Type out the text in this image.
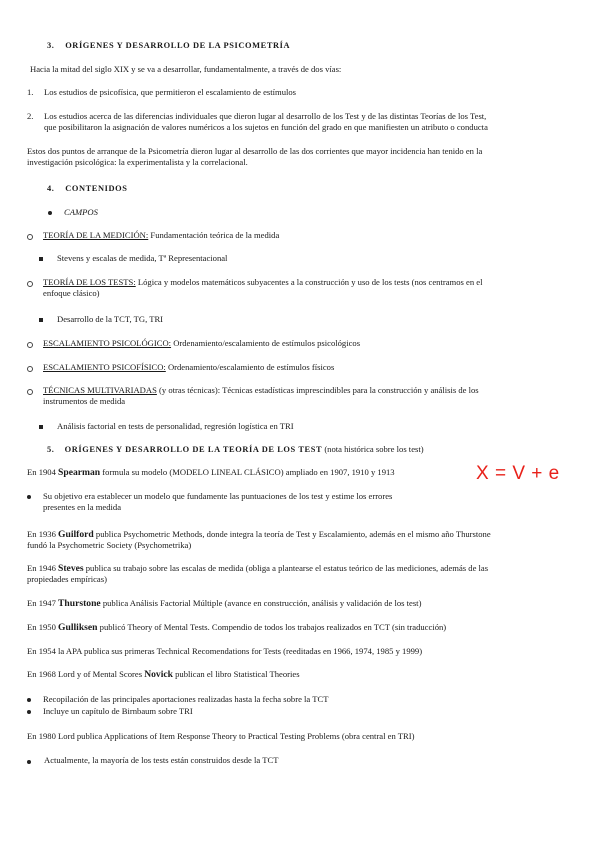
3. ORÍGENES Y DESARROLLO DE LA PSICOMETRÍA
Hacia la mitad del siglo XIX y se va a desarrollar, fundamentalmente, a través de dos vías:
1. Los estudios de psicofísica, que permitieron el escalamiento de estímulos
2. Los estudios acerca de las diferencias individuales que dieron lugar al desarrollo de los Test y de las distintas Teorías de los Test,
que posibilitaron la asignación de valores numéricos a los sujetos en función del grado en que manifiesten un atributo o conducta
Estos dos puntos de arranque de la Psicometría dieron lugar al desarrollo de las dos corrientes que mayor incidencia han tenido en la
investigación psicológica: la experimentalista y la correlacional.
4. CONTENIDOS
CAMPOS
TEORÍA DE LA MEDICIÓN: Fundamentación teórica de la medida
Stevens y escalas de medida, Tª Representacional
TEORÍA DE LOS TESTS: Lógica y modelos matemáticos subyacentes a la construcción y uso de los tests (nos centramos en el
enfoque clásico)
Desarrollo de la TCT, TG, TRI
ESCALAMIENTO PSICOLÓGICO: Ordenamiento/escalamiento de estímulos psicológicos
ESCALAMIENTO PSICOFÍSICO: Ordenamiento/escalamiento de estímulos físicos
TÉCNICAS MULTIVARIADAS (y otras técnicas): Técnicas estadísticas imprescindibles para la construcción y análisis de los
instrumentos de medida
Análisis factorial en tests de personalidad, regresión logística en TRI
5. ORÍGENES Y DESARROLLO DE LA TEORÍA DE LOS TEST (nota histórica sobre los test)
X = V + e
En 1904 Spearman formula su modelo (MODELO LINEAL CLÁSICO) ampliado en 1907, 1910 y 1913
Su objetivo era establecer un modelo que fundamente las puntuaciones de los test y estime los errores
presentes en la medida
En 1936 Guilford publica Psychometric Methods, donde integra la teoría de Test y Escalamiento, además en el mismo año Thurstone
fundó la Psychometric Society (Psychometrika)
En 1946 Steves publica su trabajo sobre las escalas de medida (obliga a plantearse el estatus teórico de las mediciones, además de las
propiedades empíricas)
En 1947 Thurstone publica Análisis Factorial Múltiple (avance en construcción, análisis y validación de los test)
En 1950 Gulliksen publicó Theory of Mental Tests. Compendio de todos los trabajos realizados en TCT (sin traducción)
En 1954 la APA publica sus primeras Technical Recomendations for Tests (reeditadas en 1966, 1974, 1985 y 1999)
En 1968 Lord y of Mental Scores Novick publican el libro Statistical Theories
Recopilación de las principales aportaciones realizadas hasta la fecha sobre la TCT
Incluye un capítulo de Birnbaum sobre TRI
En 1980 Lord publica Applications of Item Response Theory to Practical Testing Problems (obra central en TRI)
Actualmente, la mayoría de los tests están construidos desde la TCT
